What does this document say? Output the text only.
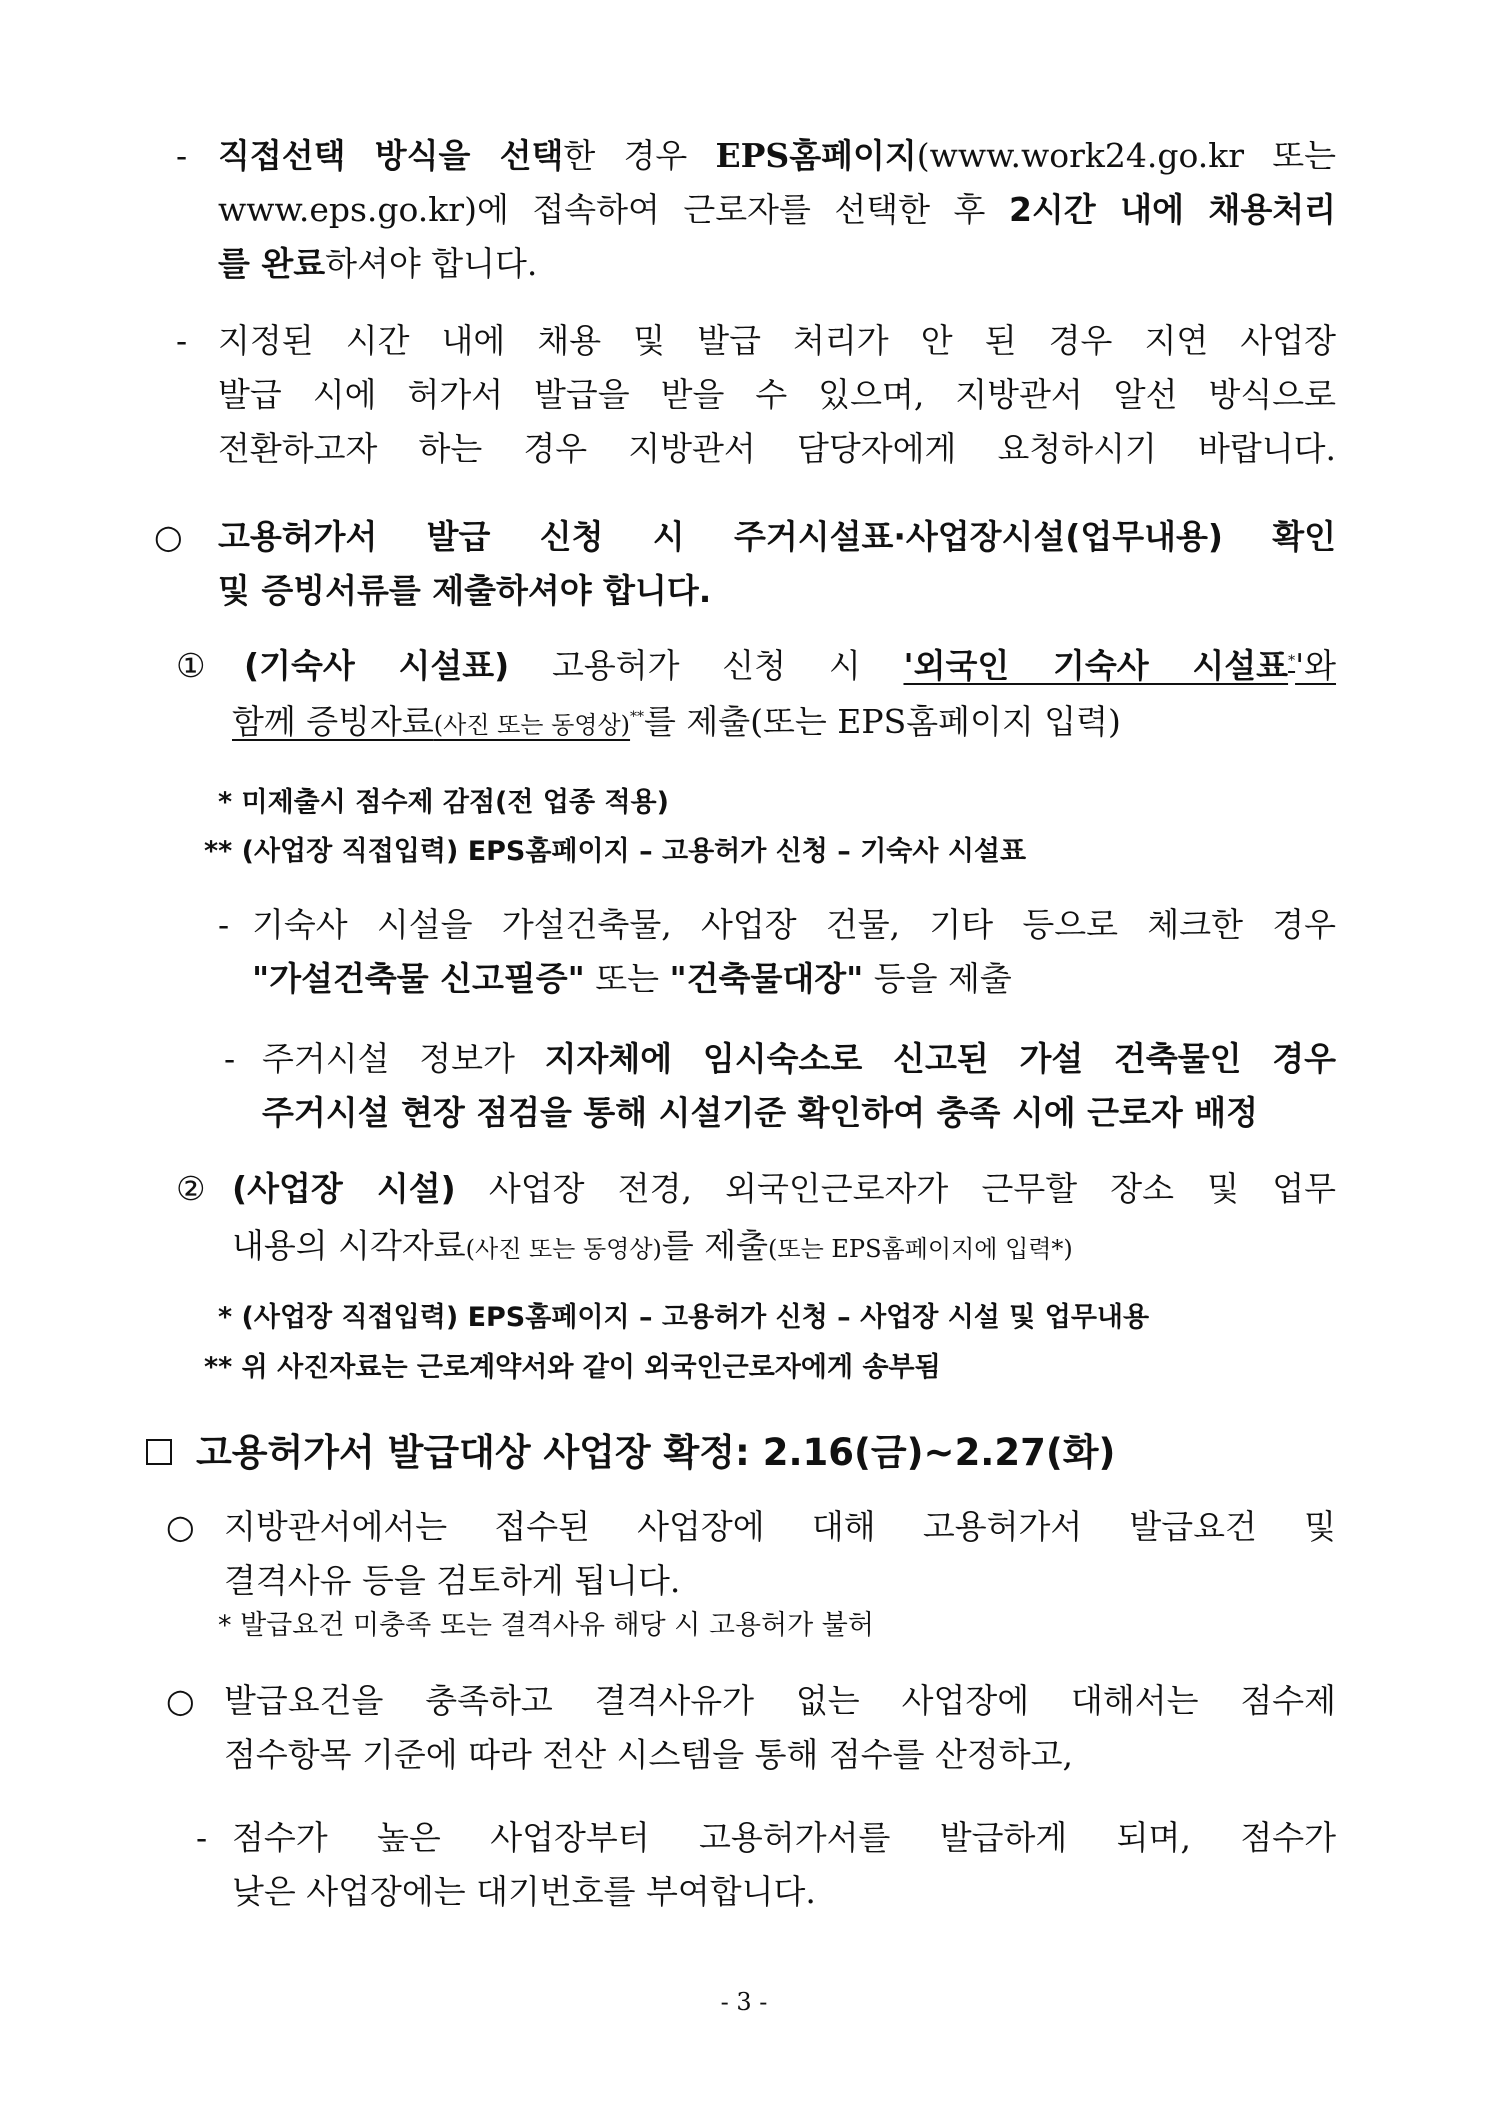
- 직접선택 방식을 선택한 경우 EPS홈페이지(www.work24.go.kr 또는
www.eps.go.kr)에 접속하여 근로자를 선택한 후 2시간 내에 채용처리
를 완료하셔야 합니다.
- 지정된 시간 내에 채용 및 발급 처리가 안 된 경우 지연 사업장
발급 시에 허가서 발급을 받을 수 있으며, 지방관서 알선 방식으로
전환하고자 하는 경우 지방관서 담당자에게 요청하시기 바랍니다.
○ 고용허가서 발급 신청 시 주거시설표·사업장시설(업무내용) 확인
및 증빙서류를 제출하셔야 합니다.
① (기숙사 시설표) 고용허가 신청 시 '외국인 기숙사 시설표*'와
함께 증빙자료(사진 또는 동영상)**를 제출(또는 EPS홈페이지 입력)
* 미제출시 점수제 감점(전 업종 적용)
** (사업장 직접입력) EPS홈페이지 – 고용허가 신청 – 기숙사 시설표
- 기숙사 시설을 가설건축물, 사업장 건물, 기타 등으로 체크한 경우
"가설건축물 신고필증" 또는 "건축물대장" 등을 제출
- 주거시설 정보가 지자체에 임시숙소로 신고된 가설 건축물인 경우
주거시설 현장 점검을 통해 시설기준 확인하여 충족 시에 근로자 배정
② (사업장 시설) 사업장 전경, 외국인근로자가 근무할 장소 및 업무
내용의 시각자료(사진 또는 동영상)를 제출(또는 EPS홈페이지에 입력*)
* (사업장 직접입력) EPS홈페이지 – 고용허가 신청 – 사업장 시설 및 업무내용
** 위 사진자료는 근로계약서와 같이 외국인근로자에게 송부됨
고용허가서 발급대상 사업장 확정: 2.16(금)~2.27(화)
○ 지방관서에서는 접수된 사업장에 대해 고용허가서 발급요건 및
결격사유 등을 검토하게 됩니다.
* 발급요건 미충족 또는 결격사유 해당 시 고용허가 불허
○ 발급요건을 충족하고 결격사유가 없는 사업장에 대해서는 점수제
점수항목 기준에 따라 전산 시스템을 통해 점수를 산정하고,
- 점수가 높은 사업장부터 고용허가서를 발급하게 되며, 점수가
낮은 사업장에는 대기번호를 부여합니다.
- 3 -
